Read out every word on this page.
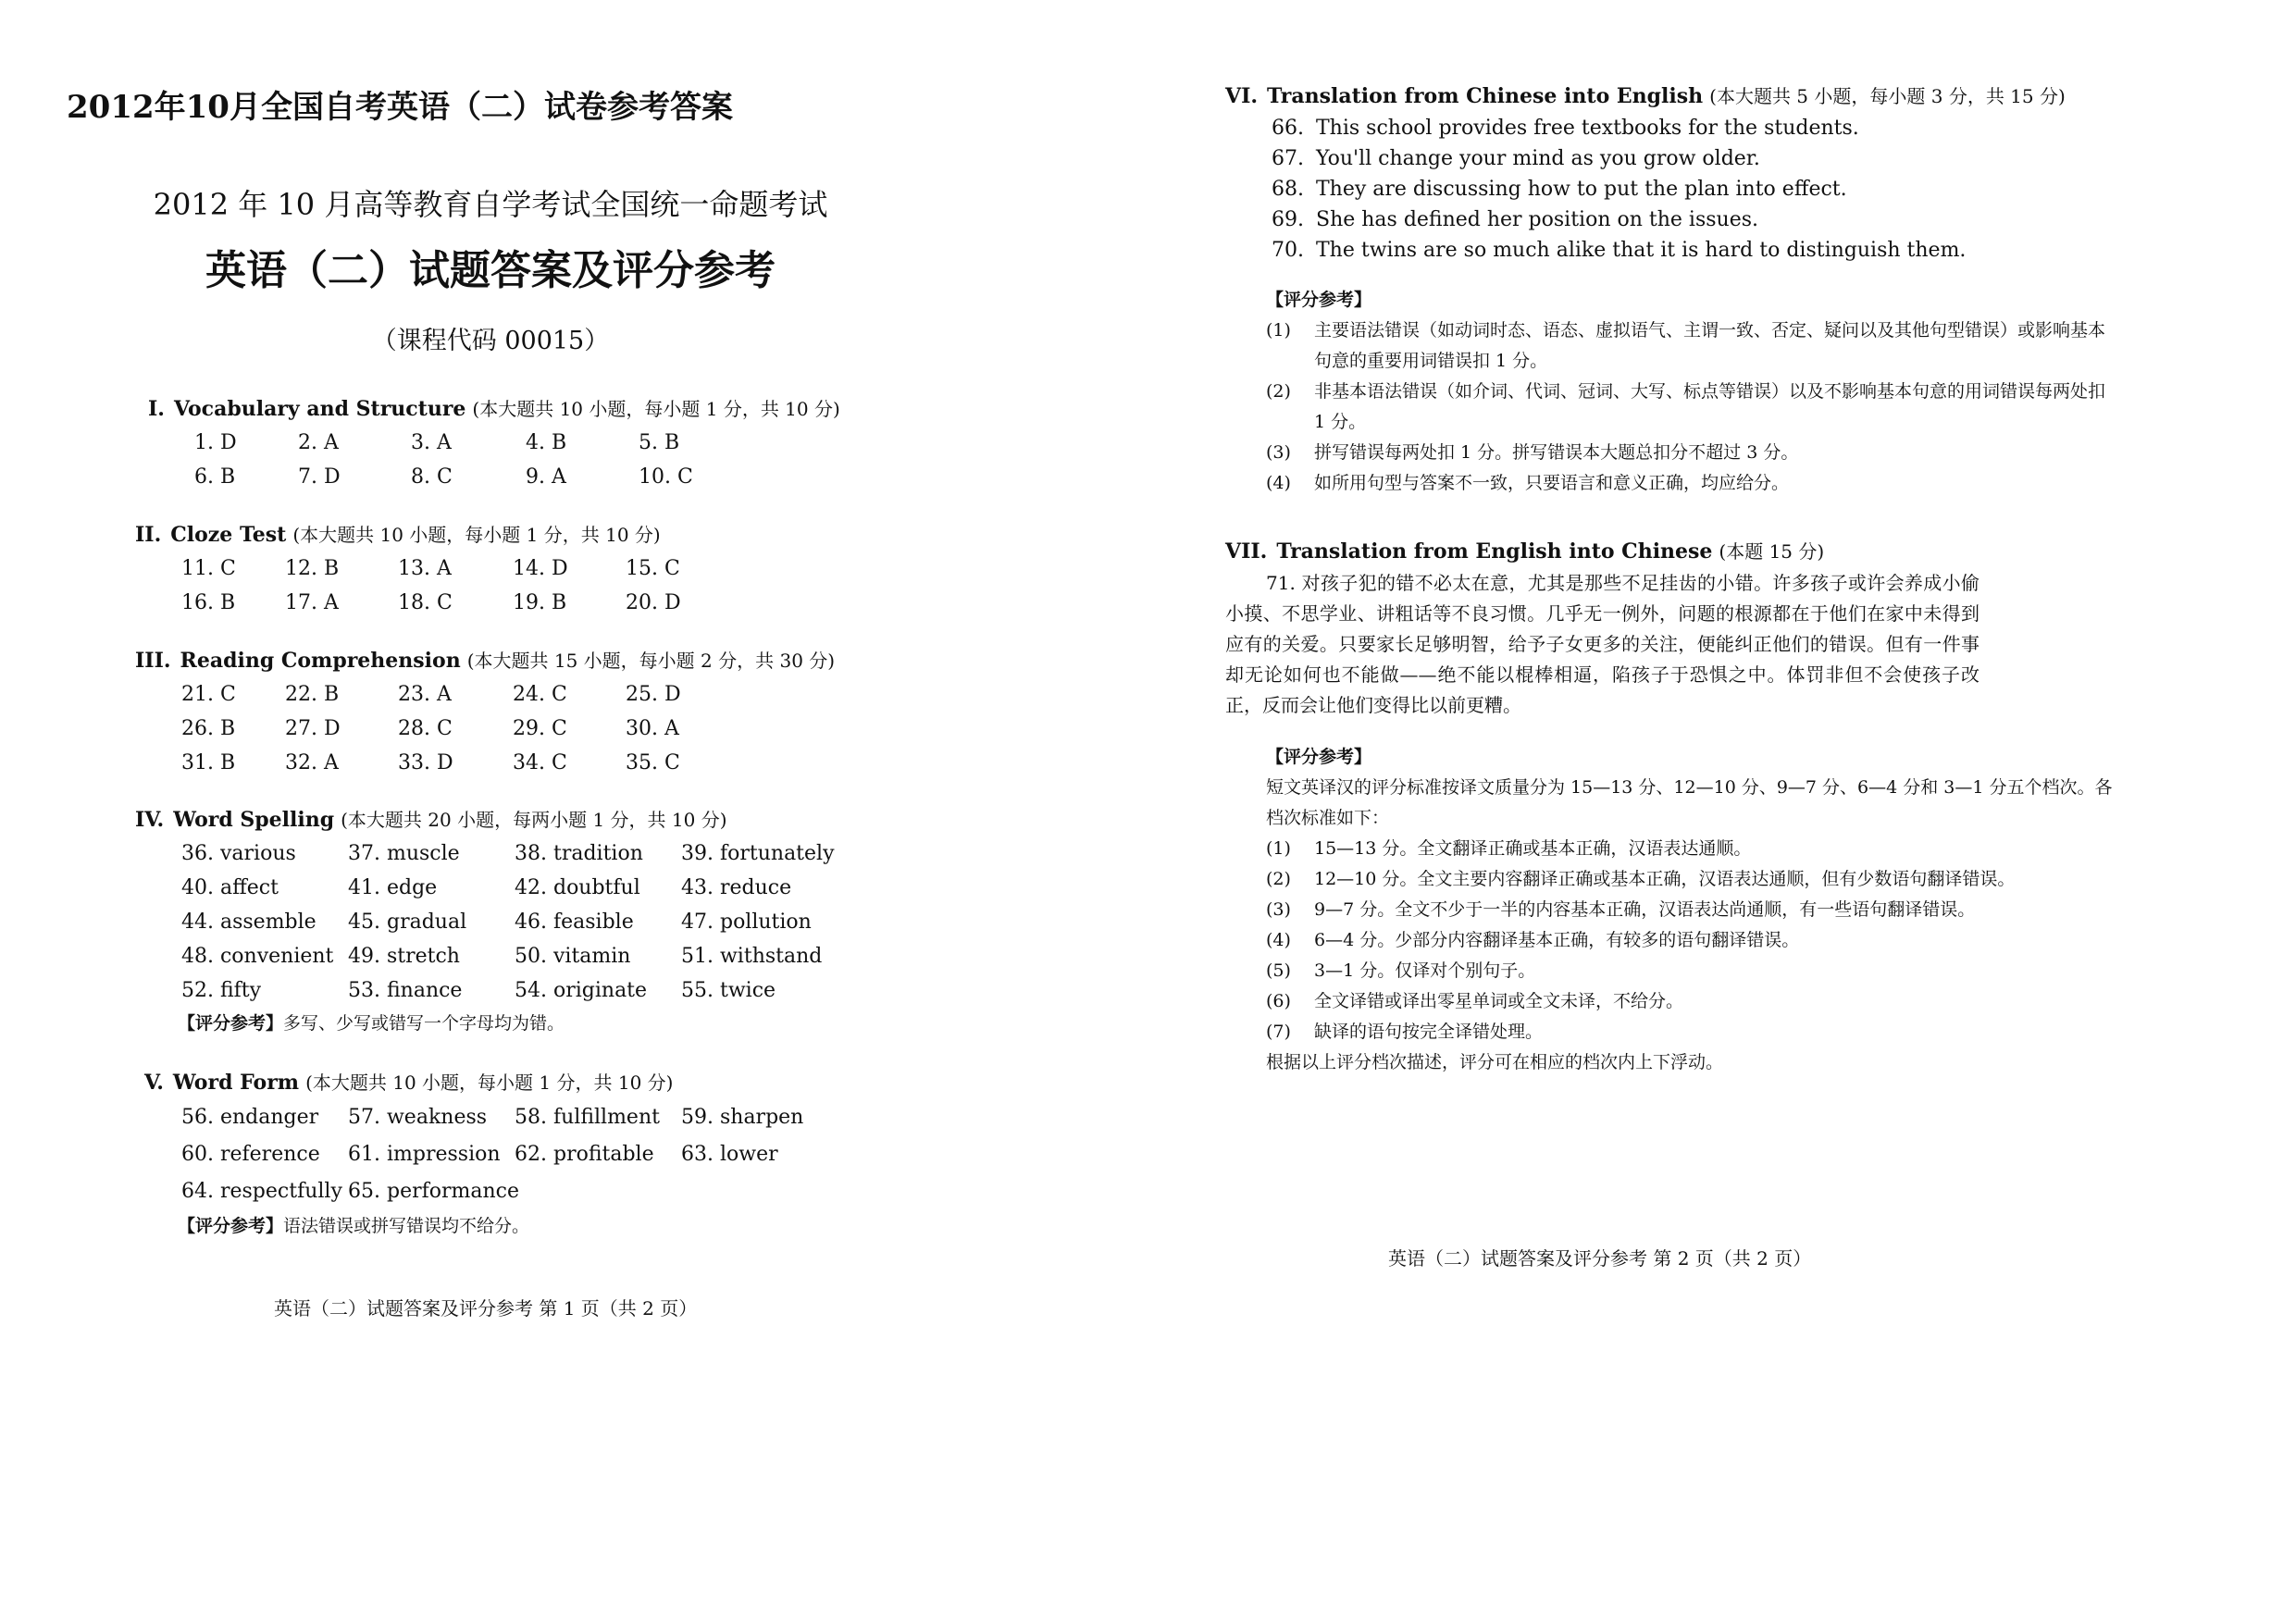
2012年10月全国自考英语（二）试卷参考答案
2012 年 10 月高等教育自学考试全国统一命题考试
英语（二）试题答案及评分参考
（课程代码 00015）
I. Vocabulary and Structure (本大题共 10 小题，每小题 1 分，共 10 分)
1. D	2. A	3. A	4. B	5. B
6. B	7. D	8. C	9. A	10. C
II. Cloze Test (本大题共 10 小题，每小题 1 分，共 10 分)
11. C	12. B	13. A	14. D	15. C
16. B	17. A	18. C	19. B	20. D
III. Reading Comprehension (本大题共 15 小题，每小题 2 分，共 30 分)
21. C	22. B	23. A	24. C	25. D
26. B	27. D	28. C	29. C	30. A
31. B	32. A	33. D	34. C	35. C
IV. Word Spelling (本大题共 20 小题，每两小题 1 分，共 10 分)
36. various	37. muscle	38. tradition	39. fortunately
40. affect	41. edge	42. doubtful	43. reduce
44. assemble	45. gradual	46. feasible	47. pollution
48. convenient 49. stretch	50. vitamin	51. withstand
52. fifty	53. finance	54. originate	55. twice
【评分参考】多写、少写或错写一个字母均为错。
V. Word Form (本大题共 10 小题，每小题 1 分，共 10 分)
56. endanger	57. weakness	58. fulfillment	59. sharpen
60. reference	61. impression 62. profitable	63. lower
64. respectfully 65. performance
【评分参考】语法错误或拼写错误均不给分。
英语（二）试题答案及评分参考 第 1 页（共 2 页）
VI. Translation from Chinese into English (本大题共 5 小题，每小题 3 分，共 15 分)
66. This school provides free textbooks for the students.
67. You'll change your mind as you grow older.
68. They are discussing how to put the plan into effect.
69. She has defined her position on the issues.
70. The twins are so much alike that it is hard to distinguish them.
【评分参考】
(1) 主要语法错误（如动词时态、语态、虚拟语气、主谓一致、否定、疑问以及其他句型错误）或影响基本句意的重要用词错误扣 1 分。
(2) 非基本语法错误（如介词、代词、冠词、大写、标点等错误）以及不影响基本句意的用词错误每两处扣 1 分。
(3) 拼写错误每两处扣 1 分。拼写错误本大题总扣分不超过 3 分。
(4) 如所用句型与答案不一致，只要语言和意义正确，均应给分。
VII. Translation from English into Chinese (本题 15 分)
71. 对孩子犯的错不必太在意，尤其是那些不足挂齿的小错。许多孩子或许会养成小偷小摸、不思学业、讲粗话等不良习惯。几乎无一例外，问题的根源都在于他们在家中未得到应有的关爱。只要家长足够明智，给予子女更多的关注，便能纠正他们的错误。但有一件事却无论如何也不能做——绝不能以棍棒相逼，陷孩子于恐惧之中。体罚非但不会使孩子改正，反而会让他们变得比以前更糟。
【评分参考】
短文英译汉的评分标准按译文质量分为 15—13 分、12—10 分、9—7 分、6—4 分和 3—1 分五个档次。各档次标准如下：
(1) 15—13 分。全文翻译正确或基本正确，汉语表达通顺。
(2) 12—10 分。全文主要内容翻译正确或基本正确，汉语表达通顺，但有少数语句翻译错误。
(3) 9—7 分。全文不少于一半的内容基本正确，汉语表达尚通顺，有一些语句翻译错误。
(4) 6—4 分。少部分内容翻译基本正确，有较多的语句翻译错误。
(5) 3—1 分。仅译对个别句子。
(6) 全文译错或译出零星单词或全文未译，不给分。
(7) 缺译的语句按完全译错处理。
根据以上评分档次描述，评分可在相应的档次内上下浮动。
英语（二）试题答案及评分参考 第 2 页（共 2 页）
